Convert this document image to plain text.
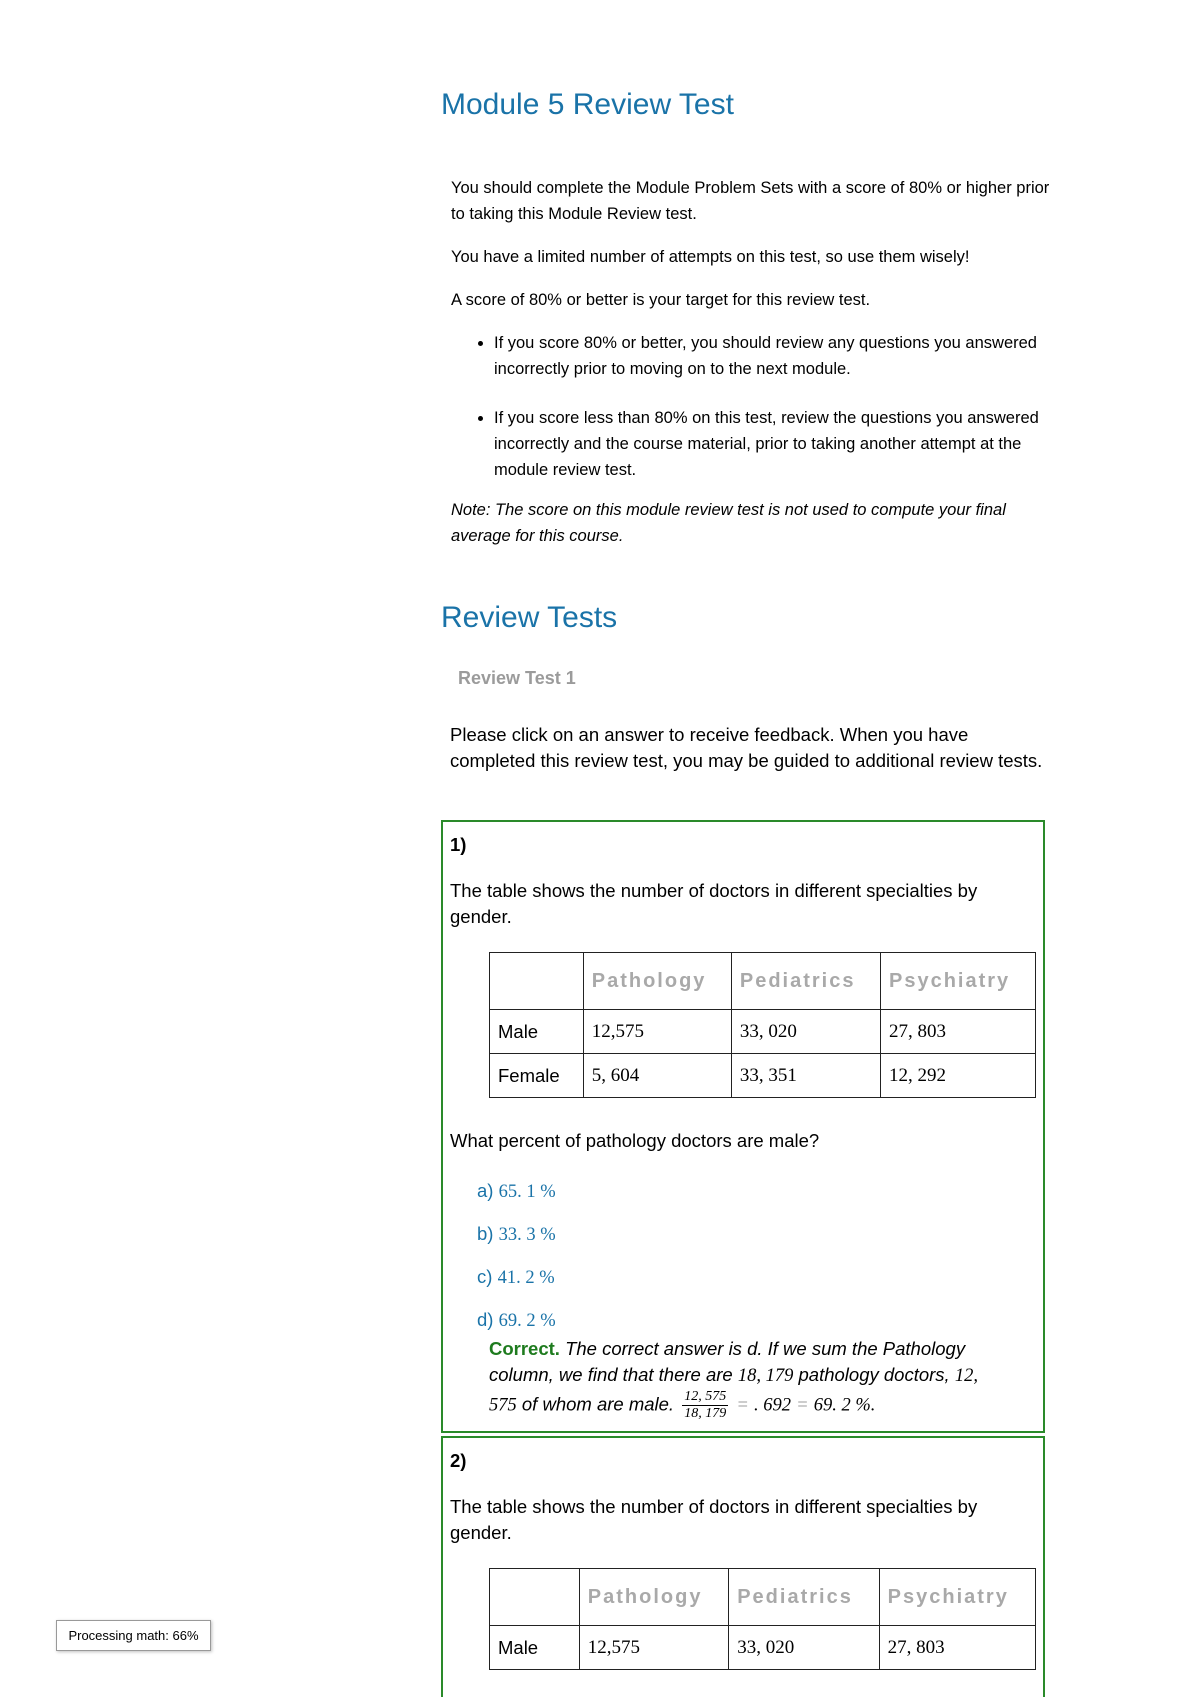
Module 5 Review Test

You should complete the Module Problem Sets with a score of 80% or higher prior to taking this Module Review test.

You have a limited number of attempts on this test, so use them wisely!

A score of 80% or better is your target for this review test.

• If you score 80% or better, you should review any questions you answered incorrectly prior to moving on to the next module.
• If you score less than 80% on this test, review the questions you answered incorrectly and the course material, prior to taking another attempt at the module review test.

Note: The score on this module review test is not used to compute your final average for this course.

Review Tests
Review Test 1
Please click on an answer to receive feedback. When you have completed this review test, you may be guided to additional review tests.
1)
The table shows the number of doctors in different specialties by gender.
	Pathology	Pediatrics	Psychiatry
Male	12,575	33, 020	27, 803
Female	5, 604	33, 351	12, 292
What percent of pathology doctors are male?
a) 65. 1 %
b) 33. 3 %
c) 41. 2 %
d) 69. 2 %
Correct. The correct answer is d. If we sum the Pathology column, we find that there are 18, 179 pathology doctors, 12, 575 of whom are male. $\frac{12, 575}{18, 179}$ = . 692 = 69. 2 %.
2)
The table shows the number of doctors in different specialties by gender.
	Pathology	Pediatrics	Psychiatry
Male	12,575	33, 020	27, 803
Processing math: 66%
